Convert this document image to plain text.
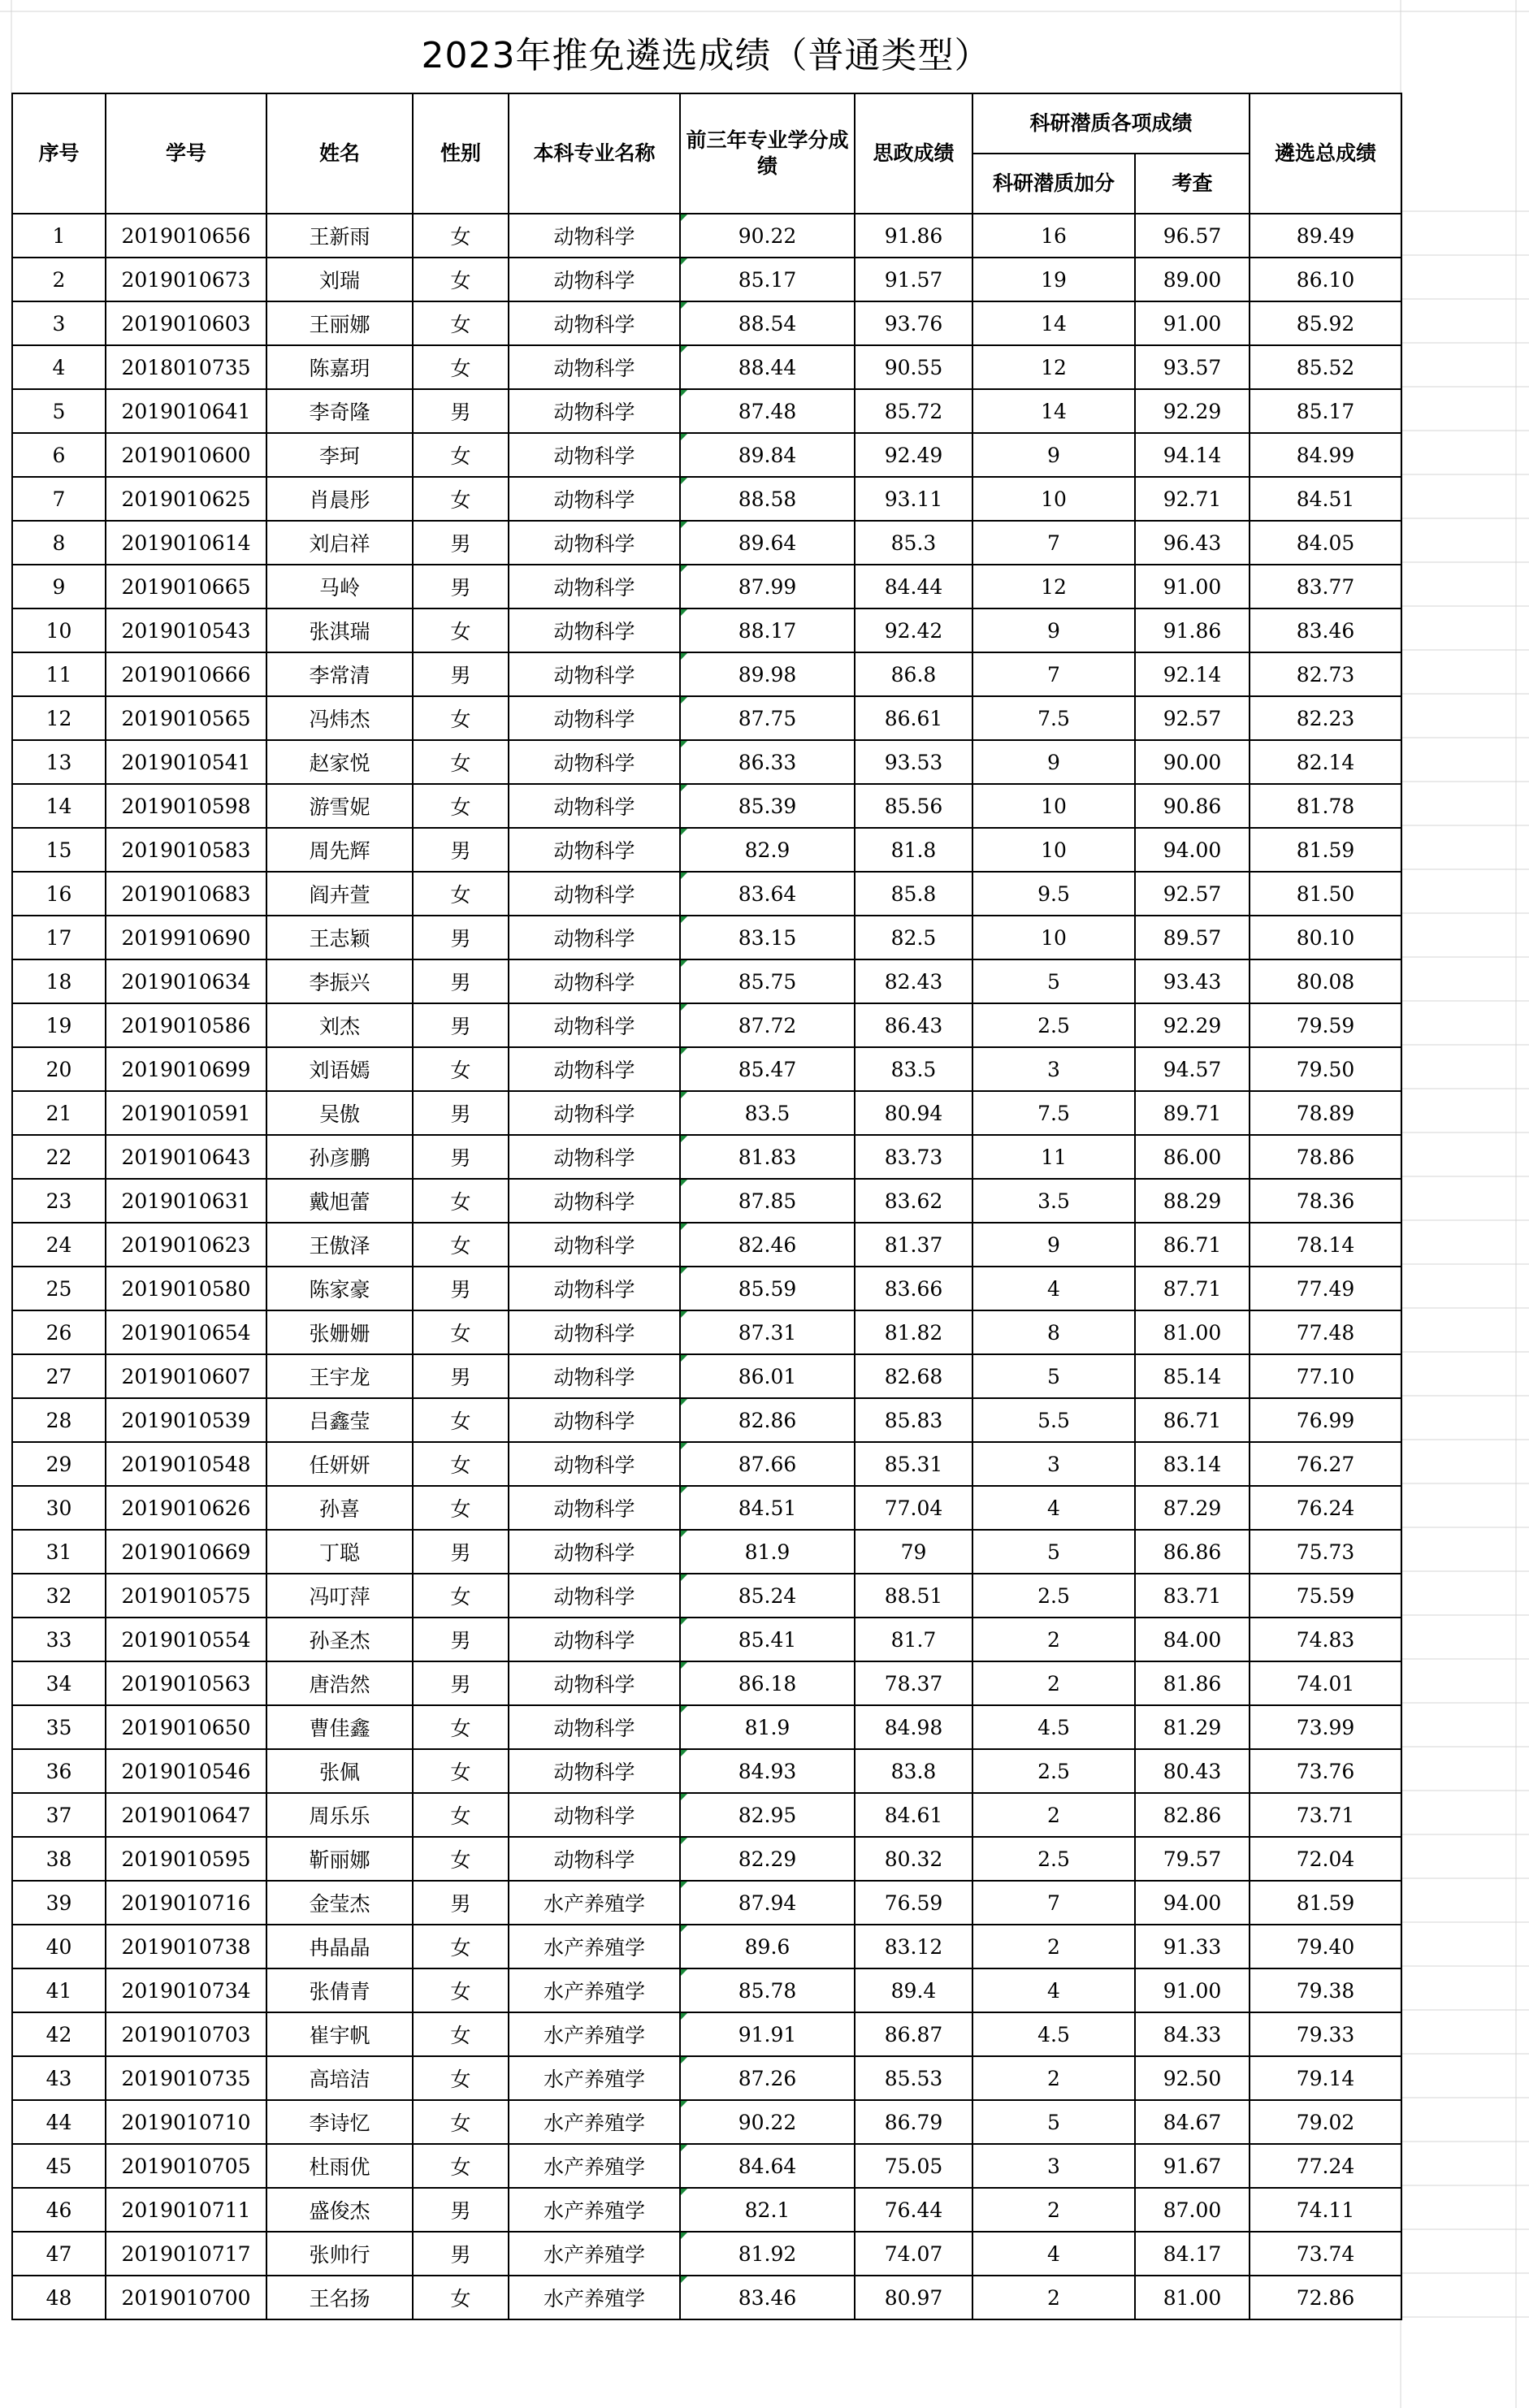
2023年推免遴选成绩（普通类型）
序号	学号	姓名	性别	本科专业名称	前三年专业学分成绩	思政成绩	科研潜质各项成绩		遴选总成绩
							科研潜质加分	考查	
1	2019010656	王新雨	女	动物科学	90.22	91.86	16	96.57	89.49
2	2019010673	刘瑞	女	动物科学	85.17	91.57	19	89.00	86.10
3	2019010603	王丽娜	女	动物科学	88.54	93.76	14	91.00	85.92
4	2018010735	陈嘉玥	女	动物科学	88.44	90.55	12	93.57	85.52
5	2019010641	李奇隆	男	动物科学	87.48	85.72	14	92.29	85.17
6	2019010600	李珂	女	动物科学	89.84	92.49	9	94.14	84.99
7	2019010625	肖晨彤	女	动物科学	88.58	93.11	10	92.71	84.51
8	2019010614	刘启祥	男	动物科学	89.64	85.3	7	96.43	84.05
9	2019010665	马岭	男	动物科学	87.99	84.44	12	91.00	83.77
10	2019010543	张淇瑞	女	动物科学	88.17	92.42	9	91.86	83.46
11	2019010666	李常清	男	动物科学	89.98	86.8	7	92.14	82.73
12	2019010565	冯炜杰	女	动物科学	87.75	86.61	7.5	92.57	82.23
13	2019010541	赵家悦	女	动物科学	86.33	93.53	9	90.00	82.14
14	2019010598	游雪妮	女	动物科学	85.39	85.56	10	90.86	81.78
15	2019010583	周先辉	男	动物科学	82.9	81.8	10	94.00	81.59
16	2019010683	阎卉萱	女	动物科学	83.64	85.8	9.5	92.57	81.50
17	2019910690	王志颖	男	动物科学	83.15	82.5	10	89.57	80.10
18	2019010634	李振兴	男	动物科学	85.75	82.43	5	93.43	80.08
19	2019010586	刘杰	男	动物科学	87.72	86.43	2.5	92.29	79.59
20	2019010699	刘语嫣	女	动物科学	85.47	83.5	3	94.57	79.50
21	2019010591	吴傲	男	动物科学	83.5	80.94	7.5	89.71	78.89
22	2019010643	孙彦鹏	男	动物科学	81.83	83.73	11	86.00	78.86
23	2019010631	戴旭蕾	女	动物科学	87.85	83.62	3.5	88.29	78.36
24	2019010623	王傲泽	女	动物科学	82.46	81.37	9	86.71	78.14
25	2019010580	陈家豪	男	动物科学	85.59	83.66	4	87.71	77.49
26	2019010654	张姗姗	女	动物科学	87.31	81.82	8	81.00	77.48
27	2019010607	王宇龙	男	动物科学	86.01	82.68	5	85.14	77.10
28	2019010539	吕鑫莹	女	动物科学	82.86	85.83	5.5	86.71	76.99
29	2019010548	任妍妍	女	动物科学	87.66	85.31	3	83.14	76.27
30	2019010626	孙喜	女	动物科学	84.51	77.04	4	87.29	76.24
31	2019010669	丁聪	男	动物科学	81.9	79	5	86.86	75.73
32	2019010575	冯叮萍	女	动物科学	85.24	88.51	2.5	83.71	75.59
33	2019010554	孙圣杰	男	动物科学	85.41	81.7	2	84.00	74.83
34	2019010563	唐浩然	男	动物科学	86.18	78.37	2	81.86	74.01
35	2019010650	曹佳鑫	女	动物科学	81.9	84.98	4.5	81.29	73.99
36	2019010546	张佩	女	动物科学	84.93	83.8	2.5	80.43	73.76
37	2019010647	周乐乐	女	动物科学	82.95	84.61	2	82.86	73.71
38	2019010595	靳丽娜	女	动物科学	82.29	80.32	2.5	79.57	72.04
39	2019010716	金莹杰	男	水产养殖学	87.94	76.59	7	94.00	81.59
40	2019010738	冉晶晶	女	水产养殖学	89.6	83.12	2	91.33	79.40
41	2019010734	张倩青	女	水产养殖学	85.78	89.4	4	91.00	79.38
42	2019010703	崔宇帆	女	水产养殖学	91.91	86.87	4.5	84.33	79.33
43	2019010735	高培洁	女	水产养殖学	87.26	85.53	2	92.50	79.14
44	2019010710	李诗忆	女	水产养殖学	90.22	86.79	5	84.67	79.02
45	2019010705	杜雨优	女	水产养殖学	84.64	75.05	3	91.67	77.24
46	2019010711	盛俊杰	男	水产养殖学	82.1	76.44	2	87.00	74.11
47	2019010717	张帅行	男	水产养殖学	81.92	74.07	4	84.17	73.74
48	2019010700	王名扬	女	水产养殖学	83.46	80.97	2	81.00	72.86
